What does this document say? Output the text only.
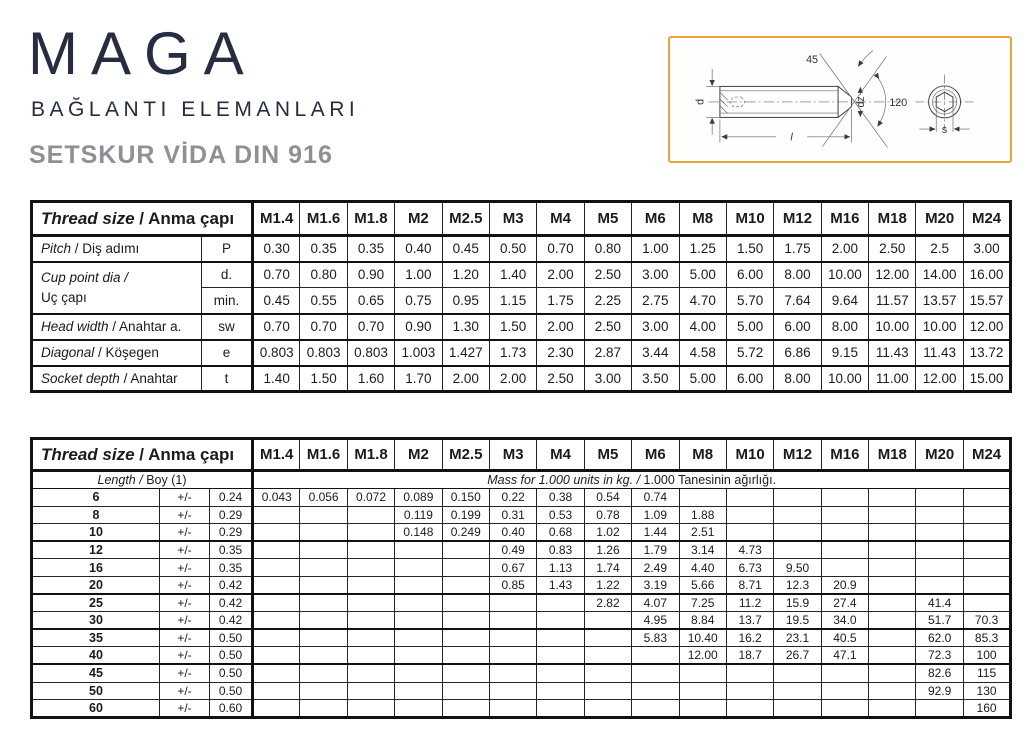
MAGA
BAĞLANTI ELEMANLARI
SETSKUR VİDA DIN 916
45
120
d	dz
l
s
Thread size / Anma çapı		M1.4	M1.6	M1.8	M2	M2.5	M3	M4	M5	M6	M8	M10	M12	M16	M18	M20	M24
Pitch / Diş adımı	P	0.30	0.35	0.35	0.40	0.45	0.50	0.70	0.80	1.00	1.25	1.50	1.75	2.00	2.50	2.5	3.00

Cup point dia /
Uç çapı	d.	0.70	0.80	0.90	1.00	1.20	1.40	2.00	2.50	3.00	5.00	6.00	8.00	10.00	12.00	14.00	16.00
	min.	0.45	0.55	0.65	0.75	0.95	1.15	1.75	2.25	2.75	4.70	5.70	7.64	9.64	11.57	13.57	15.57
Head width / Anahtar a.	sw	0.70	0.70	0.70	0.90	1.30	1.50	2.00	2.50	3.00	4.00	5.00	6.00	8.00	10.00	10.00	12.00
Diagonal / Köşegen	e	0.803	0.803	0.803	1.003	1.427	1.73	2.30	2.87	3.44	4.58	5.72	6.86	9.15	11.43	11.43	13.72
Socket depth / Anahtar	t	1.40	1.50	1.60	1.70	2.00	2.00	2.50	3.00	3.50	5.00	6.00	8.00	10.00	11.00	12.00	15.00
Thread size / Anma çapı			M1.4	M1.6	M1.8	M2	M2.5	M3	M4	M5	M6	M8	M10	M12	M16	M18	M20	M24
Length / Boy (1)			Mass for 1.000 units in kg. / 1.000 Tanesinin ağırlığı.															
6	+/-	0.24	0.043	0.056	0.072	0.089	0.150	0.22	0.38	0.54	0.74							
8	+/-	0.29				0.119	0.199	0.31	0.53	0.78	1.09	1.88						
10	+/-	0.29				0.148	0.249	0.40	0.68	1.02	1.44	2.51						
12	+/-	0.35						0.49	0.83	1.26	1.79	3.14	4.73					
16	+/-	0.35						0.67	1.13	1.74	2.49	4.40	6.73	9.50				
20	+/-	0.42						0.85	1.43	1.22	3.19	5.66	8.71	12.3	20.9			
25	+/-	0.42								2.82	4.07	7.25	11.2	15.9	27.4		41.4	
30	+/-	0.42									4.95	8.84	13.7	19.5	34.0		51.7	70.3
35	+/-	0.50									5.83	10.40	16.2	23.1	40.5		62.0	85.3
40	+/-	0.50										12.00	18.7	26.7	47.1		72.3	100
45	+/-	0.50															82.6	115
50	+/-	0.50															92.9	130
60	+/-	0.60																160
